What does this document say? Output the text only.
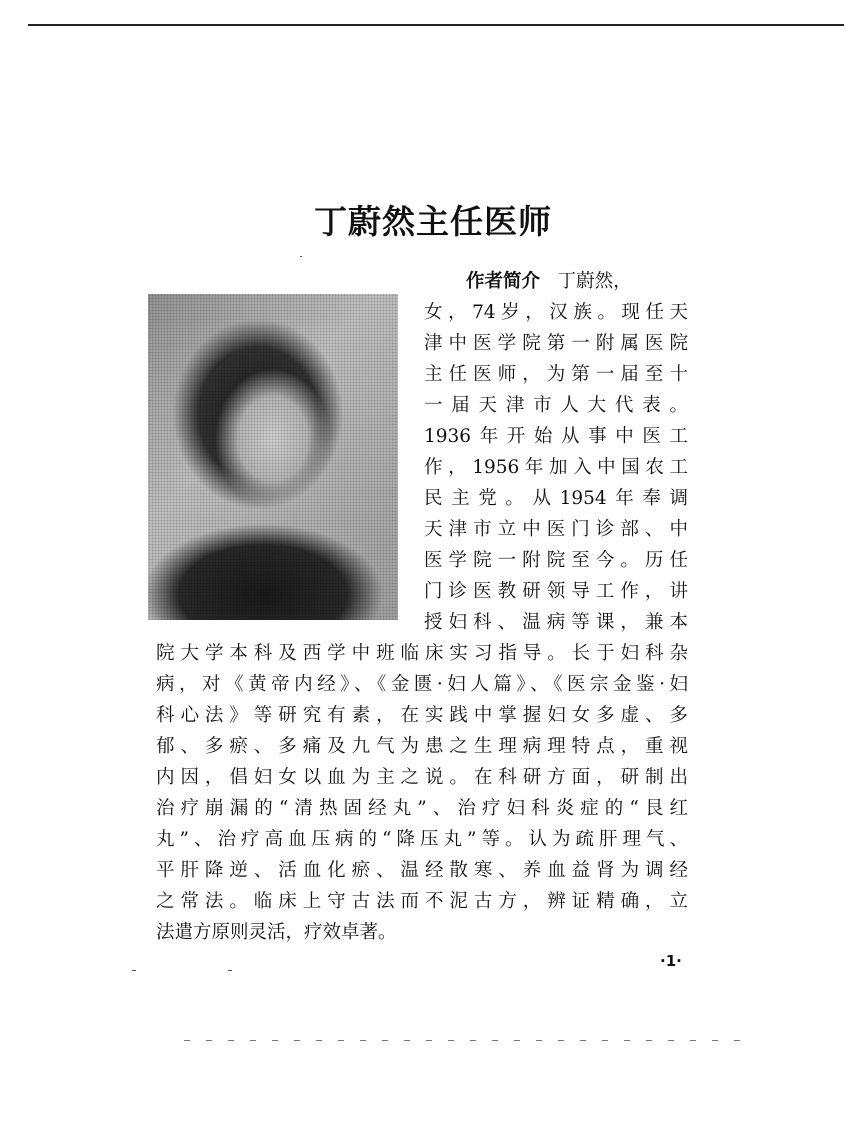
丁蔚然主任医师
作者简介 丁蔚然，
女，74岁，汉族。现任天
津中医学院第一附属医院
主任医师，为第一届至十
一届天津市人大代表。
1936年开始从事中医工
作，1956年加入中国农工
民主党。从1954年奉调
天津市立中医门诊部、中
医学院一附院至今。历任
门诊医教研领导工作，讲
授妇科、温病等课，兼本
院大学本科及西学中班临床实习指导。长于妇科杂
病，对《黄帝内经》、《金匮·妇人篇》、《医宗金鉴·妇
科心法》等研究有素，在实践中掌握妇女多虚、多
郁、多瘀、多痛及九气为患之生理病理特点，重视
内因，倡妇女以血为主之说。在科研方面，研制出
治疗崩漏的“清热固经丸”、治疗妇科炎症的“艮红
丸”、治疗高血压病的“降压丸”等。认为疏肝理气、
平肝降逆、活血化瘀、温经散寒、养血益肾为调经
之常法。临床上守古法而不泥古方，辨证精确，立
法遣方原则灵活，疗效卓著。
·1·
